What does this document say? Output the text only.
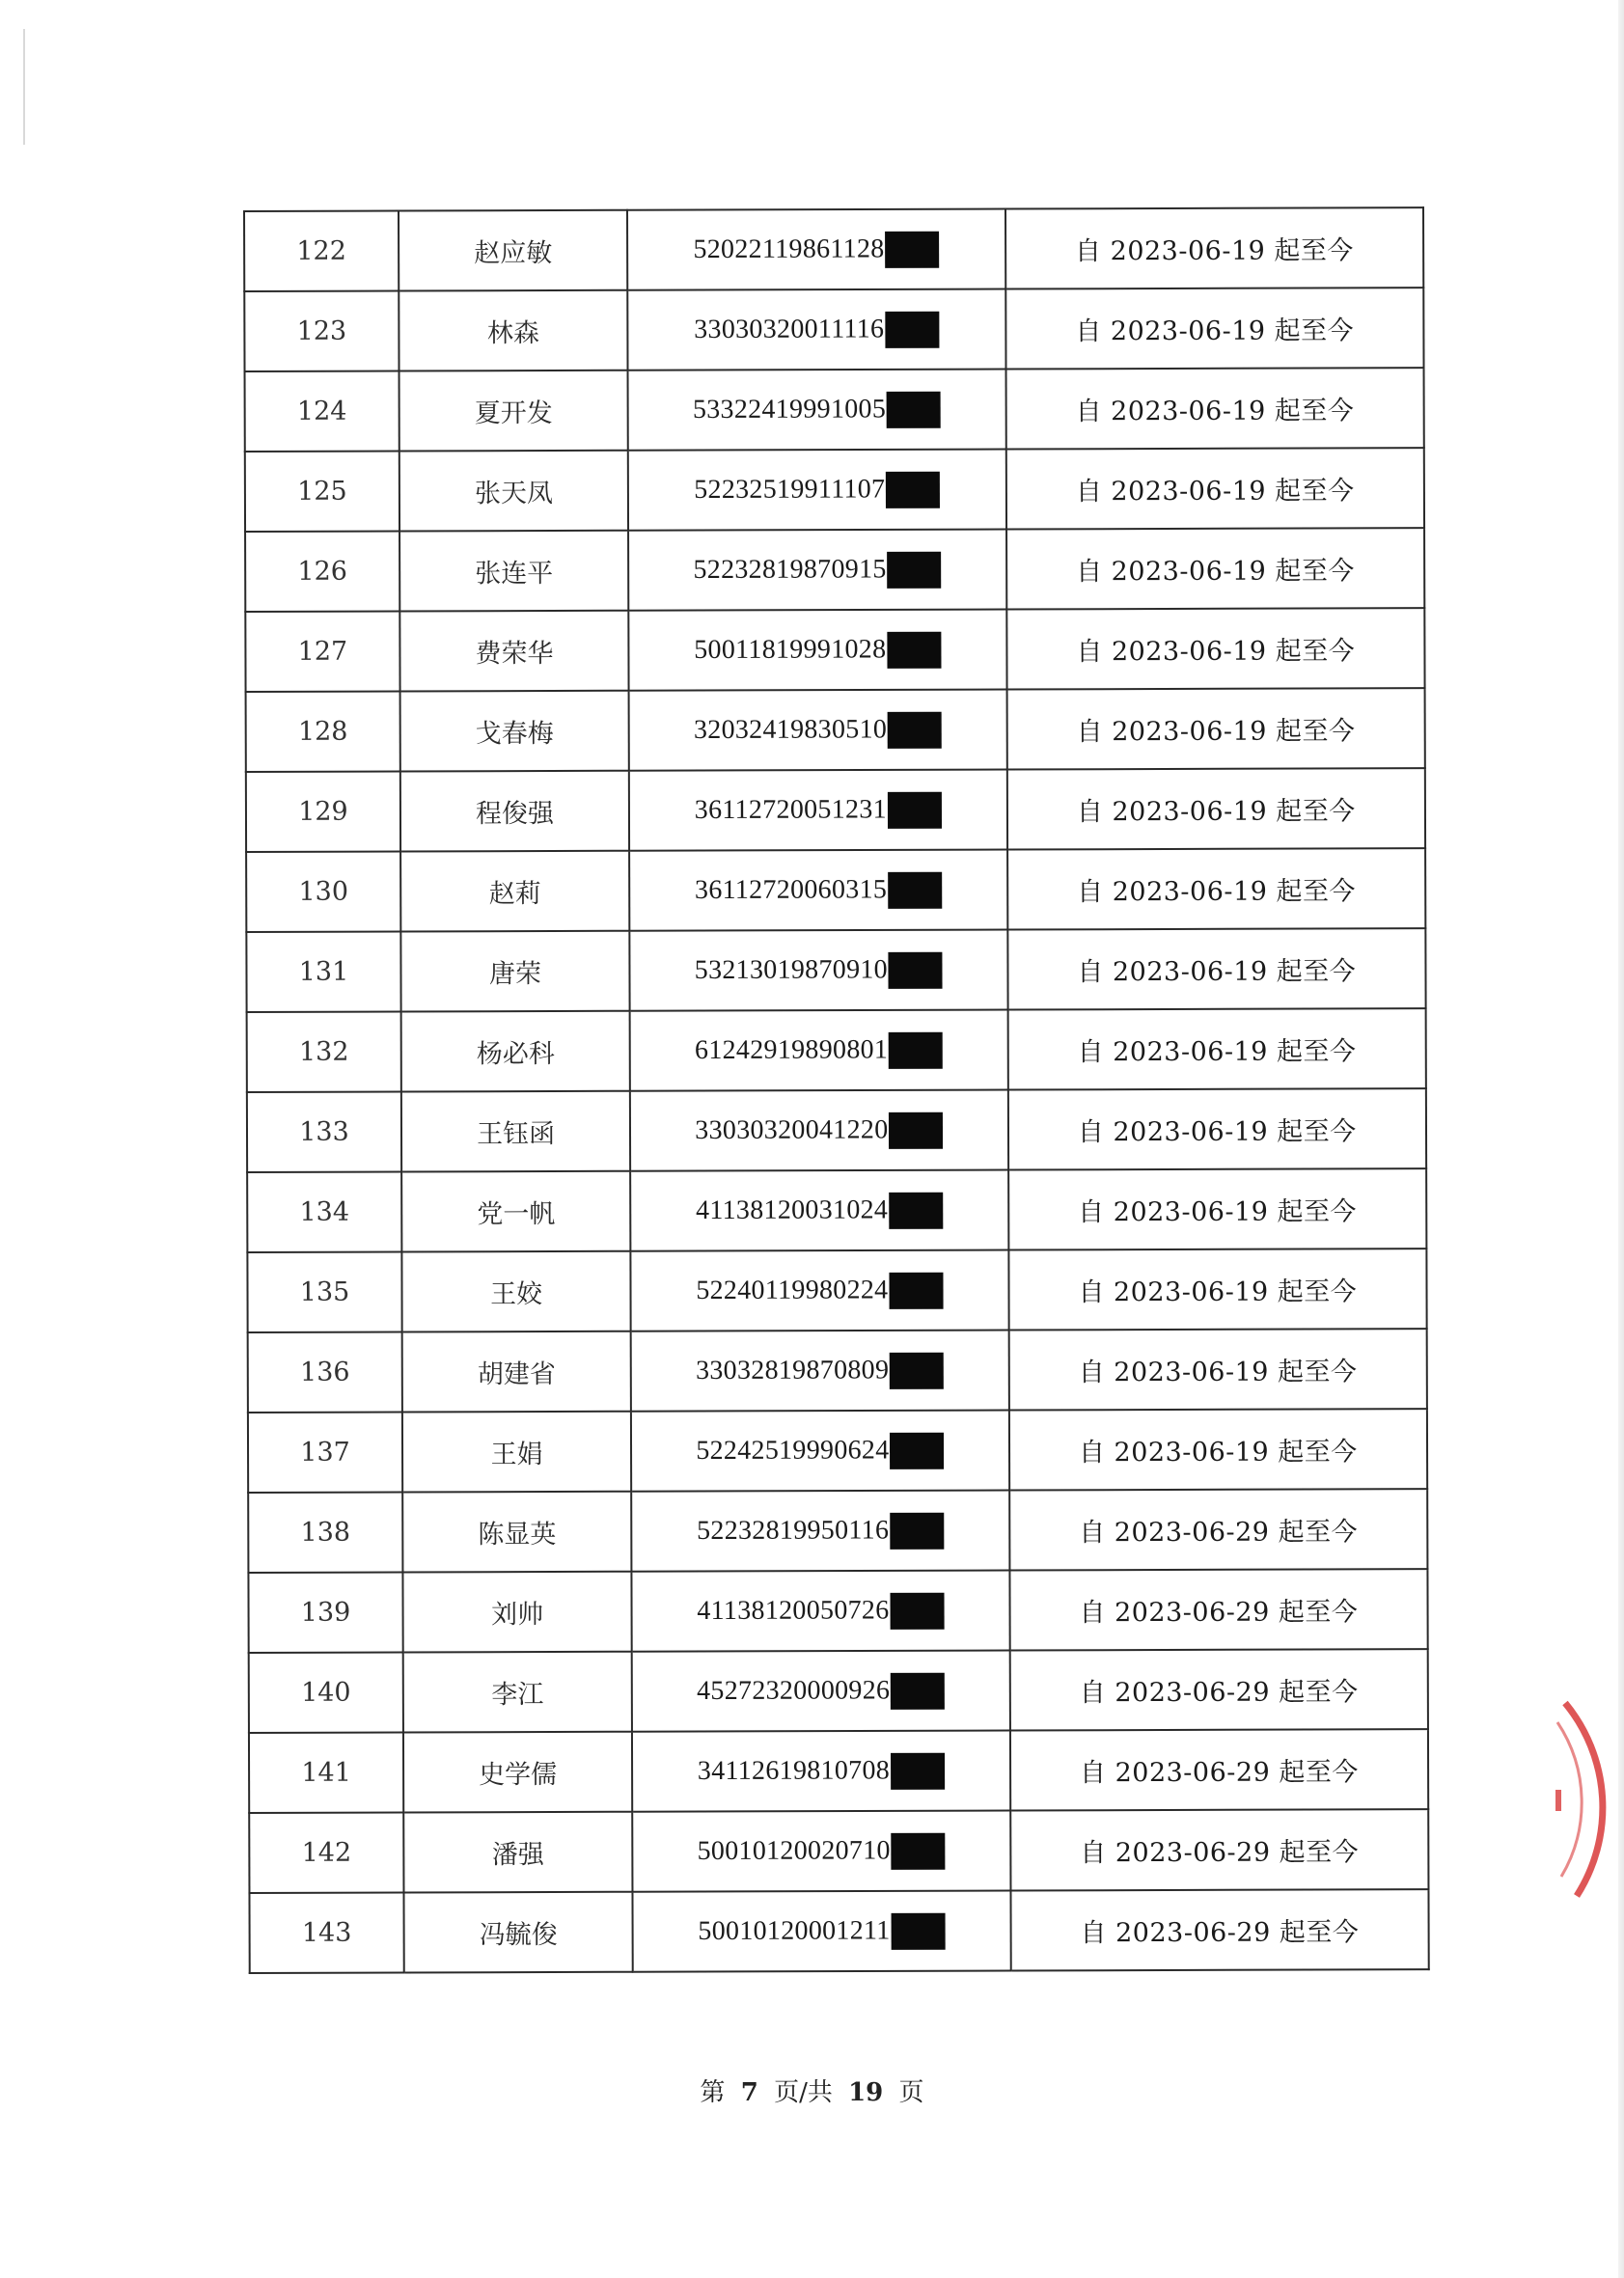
122	赵应敏	52022119861128	自 2023-06-19 起至今
123	林森	33030320011116	自 2023-06-19 起至今
124	夏开发	53322419991005	自 2023-06-19 起至今
125	张天凤	52232519911107	自 2023-06-19 起至今
126	张连平	52232819870915	自 2023-06-19 起至今
127	费荣华	50011819991028	自 2023-06-19 起至今
128	戈春梅	32032419830510	自 2023-06-19 起至今
129	程俊强	36112720051231	自 2023-06-19 起至今
130	赵莉	36112720060315	自 2023-06-19 起至今
131	唐荣	53213019870910	自 2023-06-19 起至今
132	杨必科	61242919890801	自 2023-06-19 起至今
133	王钰函	33030320041220	自 2023-06-19 起至今
134	党一帆	41138120031024	自 2023-06-19 起至今
135	王姣	52240119980224	自 2023-06-19 起至今
136	胡建省	33032819870809	自 2023-06-19 起至今
137	王娟	52242519990624	自 2023-06-19 起至今
138	陈显英	52232819950116	自 2023-06-29 起至今
139	刘帅	41138120050726	自 2023-06-29 起至今
140	李江	45272320000926	自 2023-06-29 起至今
141	史学儒	34112619810708	自 2023-06-29 起至今
142	潘强	50010120020710	自 2023-06-29 起至今
143	冯毓俊	50010120001211	自 2023-06-29 起至今
第 7 页/共 19 页
